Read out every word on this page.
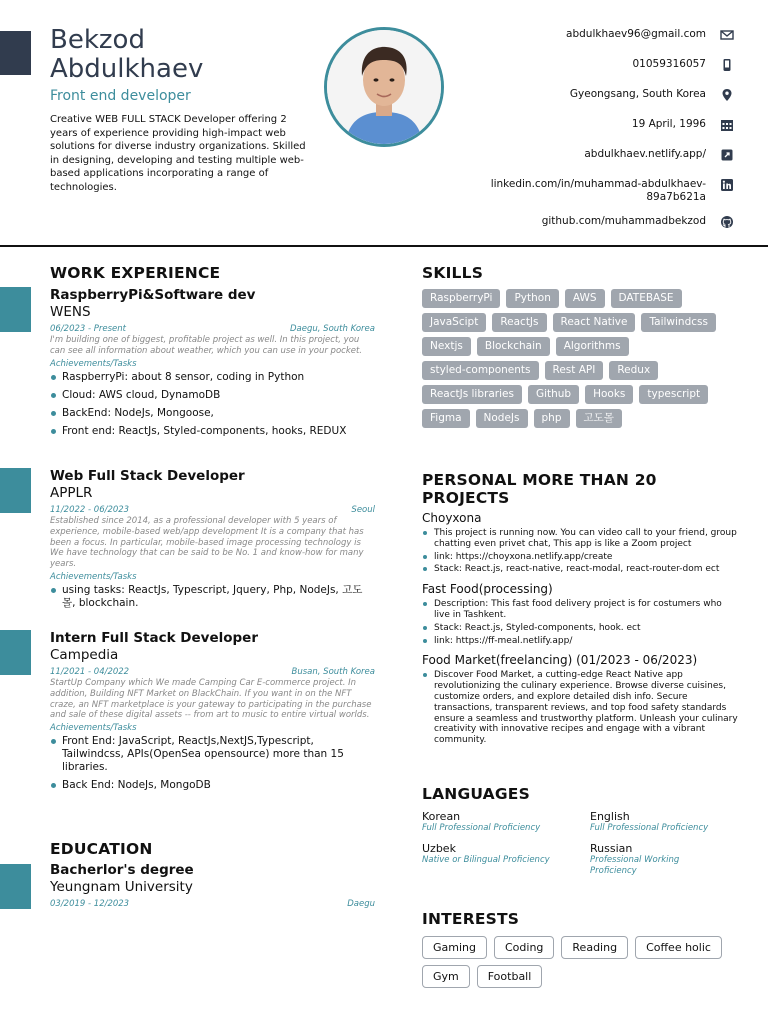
Bekzod
Abdulkhaev
Front end developer
Creative WEB FULL STACK Developer offering 2 years of experience providing high-impact web solutions for diverse industry organizations. Skilled in designing, developing and testing multiple web-based applications incorporating a range of technologies.
abdulkhaev96@gmail.com
01059316057
Gyeongsang, South Korea
19 April, 1996
abdulkhaev.netlify.app/
linkedin.com/in/muhammad-abdulkhaev-89a7b621a
github.com/muhammadbekzod
WORK EXPERIENCE
RaspberryPi&Software dev
WENS
06/2023 - Present	Daegu, South Korea
I'm building one of biggest, profitable project as well. In this project, you can see all information about weather, which you can use in your pocket.
Achievements/Tasks
RaspberryPi: about 8 sensor, coding in Python
Cloud: AWS cloud, DynamoDB
BackEnd: NodeJs, Mongoose,
Front end: ReactJs, Styled-components, hooks, REDUX
Web Full Stack Developer
APPLR
11/2022 - 06/2023	Seoul
Established since 2014, as a professional developer with 5 years of experience, mobile-based web/app development It is a company that has been a focus. In particular, mobile-based image processing technology is We have technology that can be said to be No. 1 and know-how for many years.
Achievements/Tasks
using tasks: ReactJs, Typescript, Jquery, Php, NodeJs, 고도몰, blockchain.
Intern Full Stack Developer
Campedia
11/2021 - 04/2022	Busan, South Korea
StartUp Company which We made Camping Car E-commerce project. In addition, Building NFT Market on BlackChain. If you want in on the NFT craze, an NFT marketplace is your gateway to participating in the purchase and sale of these digital assets -- from art to music to entire virtual worlds.
Achievements/Tasks
Front End: JavaScript, ReactJs,NextJS,Typescript, Tailwindcss, APIs(OpenSea opensource) more than 15 libraries.
Back End: NodeJs, MongoDB
EDUCATION
Bacherlor's degree
Yeungnam University
03/2019 - 12/2023	Daegu
SKILLS
RaspberryPi	Python	AWS	DATEBASE
JavaScipt	ReactJs	React Native	Tailwindcss
Nextjs	Blockchain	Algorithms
styled-components	Rest API	Redux
ReactJs libraries	Github	Hooks	typescript
Figma	NodeJs	php	고도몰
PERSONAL MORE THAN 20 PROJECTS
Choyxona
This project is running now. You can video call to your friend, group chatting even privet chat, This app is like a Zoom project
link: https://choyxona.netlify.app/create
Stack: React.js, react-native, react-modal, react-router-dom ect
Fast Food(processing)
Description: This fast food delivery project is for costumers who live in Tashkent.
Stack: React.js, Styled-components, hook. ect
link: https://ff-meal.netlify.app/
Food Market(freelancing) (01/2023 - 06/2023)
Discover Food Market, a cutting-edge React Native app revolutionizing the culinary experience. Browse diverse cuisines, customize orders, and explore detailed dish info. Secure transactions, transparent reviews, and top food safety standards ensure a seamless and trustworthy platform. Unleash your culinary creativity with innovative recipes and engage with a vibrant community.
LANGUAGES
Korean
Full Professional Proficiency
English
Full Professional Proficiency
Uzbek
Native or Bilingual Proficiency
Russian
Professional Working Proficiency
INTERESTS
Gaming	Coding	Reading	Coffee holic
Gym	Football
